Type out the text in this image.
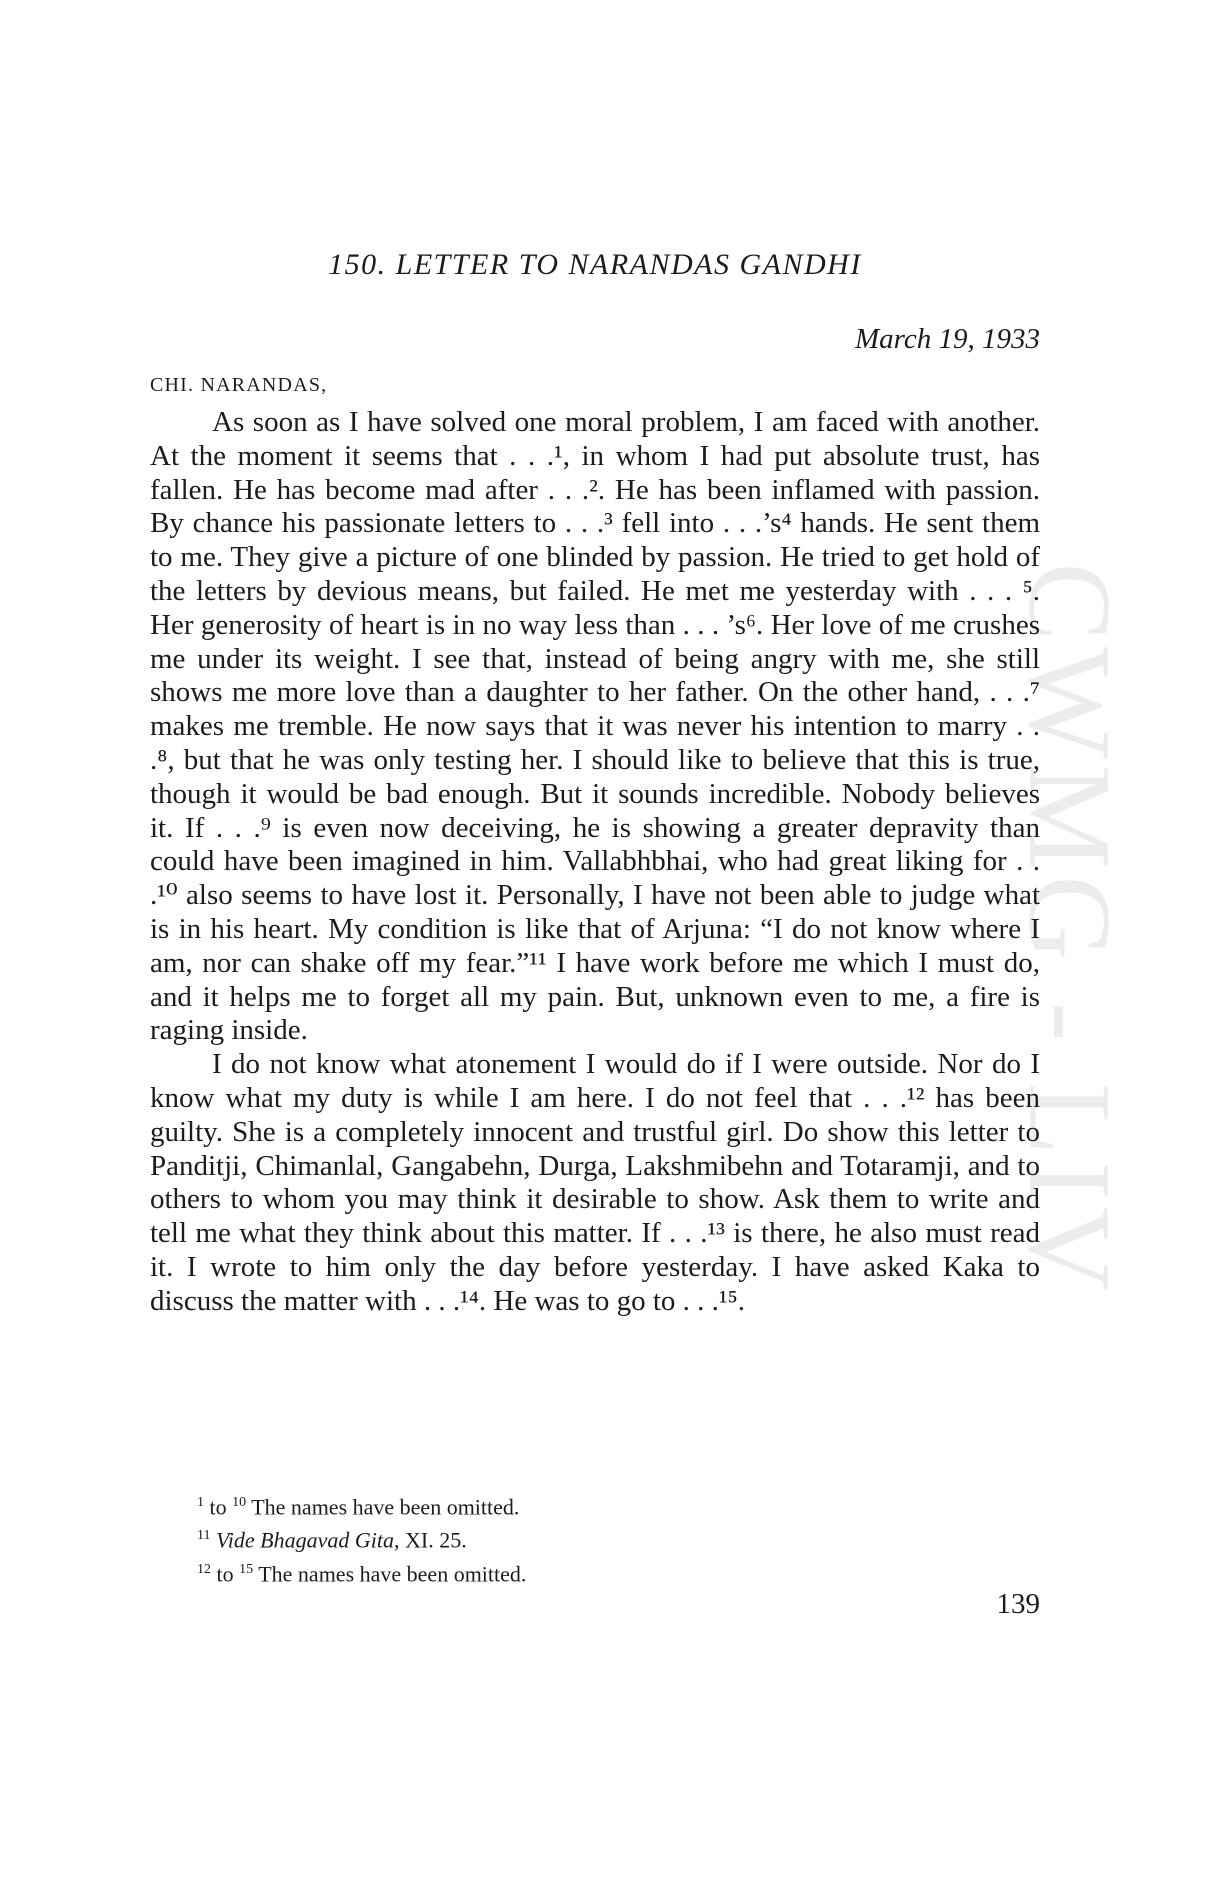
CWMG - LIV
150. LETTER TO NARANDAS GANDHI

March 19, 1933

CHI. NARANDAS,

As soon as I have solved one moral problem, I am faced with another. At the moment it seems that . . .¹, in whom I had put absolute trust, has fallen. He has become mad after . . .². He has been inflamed with passion. By chance his passionate letters to . . .³ fell into . . .’s⁴ hands. He sent them to me. They give a picture of one blinded by passion. He tried to get hold of the letters by devious means, but failed. He met me yesterday with . . . ⁵. Her generosity of heart is in no way less than . . . ’s⁶. Her love of me crushes me under its weight. I see that, instead of being angry with me, she still shows me more love than a daughter to her father. On the other hand, . . .⁷ makes me tremble. He now says that it was never his intention to marry . . .⁸, but that he was only testing her. I should like to believe that this is true, though it would be bad enough. But it sounds incredible. Nobody believes it. If . . .⁹ is even now deceiving, he is showing a greater depravity than could have been imagined in him. Vallabhbhai, who had great liking for . . .¹⁰ also seems to have lost it. Personally, I have not been able to judge what is in his heart. My condition is like that of Arjuna: “I do not know where I am, nor can shake off my fear.”¹¹ I have work before me which I must do, and it helps me to forget all my pain. But, unknown even to me, a fire is raging inside.

I do not know what atonement I would do if I were outside. Nor do I know what my duty is while I am here. I do not feel that . . .¹² has been guilty. She is a completely innocent and trustful girl. Do show this letter to Panditji, Chimanlal, Gangabehn, Durga, Lakshmibehn and Totaramji, and to others to whom you may think it desirable to show. Ask them to write and tell me what they think about this matter. If . . .¹³ is there, he also must read it. I wrote to him only the day before yesterday. I have asked Kaka to discuss the matter with . . .¹⁴. He was to go to . . .¹⁵.

$^1$ to $^{10}$ The names have been omitted.
$^{11}$ Vide Bhagavad Gita, XI. 25.
$^{12}$ to $^{15}$ The names have been omitted.

139
